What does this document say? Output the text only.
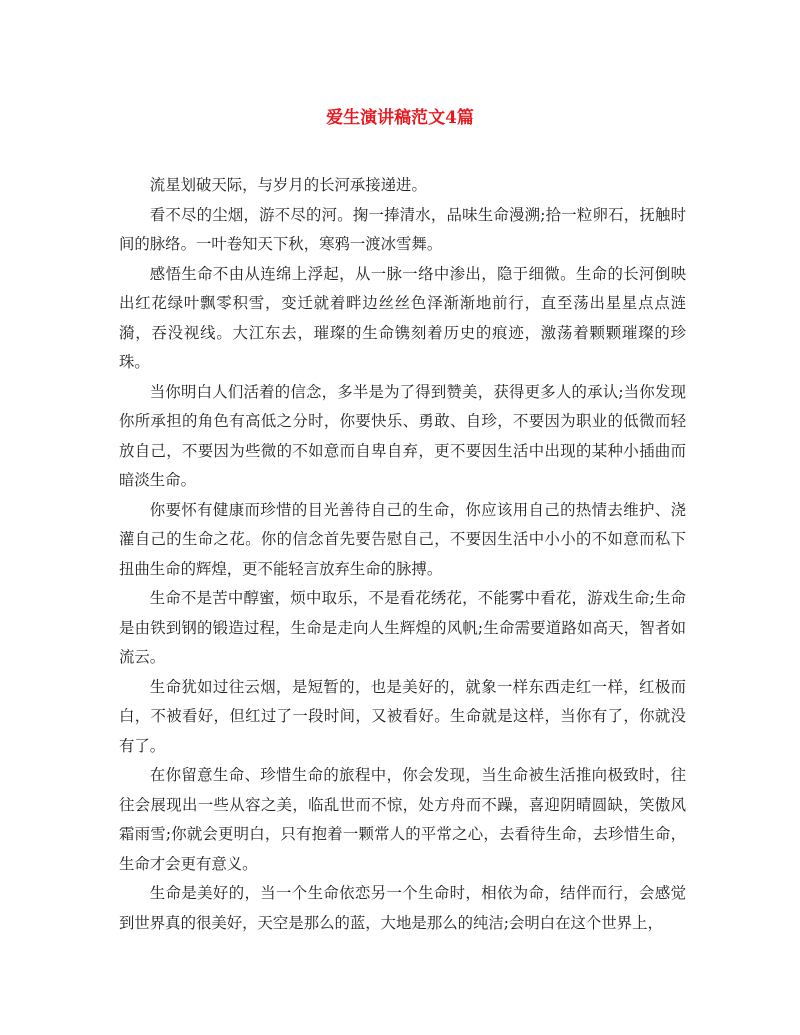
爱生演讲稿范文4篇

流星划破天际，与岁月的长河承接递进。

看不尽的尘烟，游不尽的河。掬一捧清水，品味生命漫溯;拾一粒卵石，抚触时间的脉络。一叶卷知天下秋，寒鸦一渡冰雪舞。

感悟生命不由从连绵上浮起，从一脉一络中渗出，隐于细微。生命的长河倒映出红花绿叶飘零积雪，变迁就着畔边丝丝色泽渐渐地前行，直至荡出星星点点涟漪，吞没视线。大江东去，璀璨的生命镌刻着历史的痕迹，激荡着颗颗璀璨的珍珠。

当你明白人们活着的信念，多半是为了得到赞美，获得更多人的承认;当你发现你所承担的角色有高低之分时，你要快乐、勇敢、自珍，不要因为职业的低微而轻放自己，不要因为些微的不如意而自卑自弃，更不要因生活中出现的某种小插曲而暗淡生命。

你要怀有健康而珍惜的目光善待自己的生命，你应该用自己的热情去维护、浇灌自己的生命之花。你的信念首先要告慰自己，不要因生活中小小的不如意而私下扭曲生命的辉煌，更不能轻言放弃生命的脉搏。

生命不是苦中醇蜜，烦中取乐，不是看花绣花，不能雾中看花，游戏生命;生命是由铁到钢的锻造过程，生命是走向人生辉煌的风帆;生命需要道路如高天，智者如流云。

生命犹如过往云烟，是短暂的，也是美好的，就象一样东西走红一样，红极而白，不被看好，但红过了一段时间，又被看好。生命就是这样，当你有了，你就没有了。

在你留意生命、珍惜生命的旅程中，你会发现，当生命被生活推向极致时，往往会展现出一些从容之美，临乱世而不惊，处方舟而不躁，喜迎阴晴圆缺，笑傲风霜雨雪;你就会更明白，只有抱着一颗常人的平常之心，去看待生命，去珍惜生命，生命才会更有意义。

生命是美好的，当一个生命依恋另一个生命时，相依为命，结伴而行，会感觉到世界真的很美好，天空是那么的蓝，大地是那么的纯洁;会明白在这个世界上，
